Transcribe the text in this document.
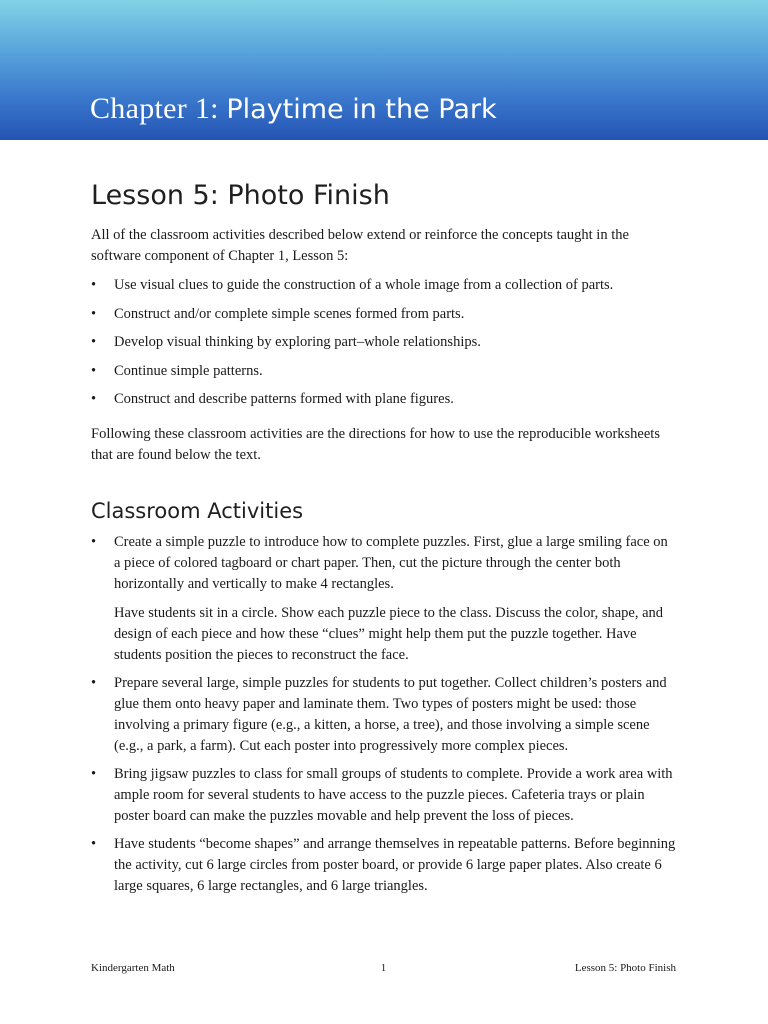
Chapter 1: Playtime in the Park
Lesson 5: Photo Finish

All of the classroom activities described below extend or reinforce the concepts taught in the software component of Chapter 1, Lesson 5:

• Use visual clues to guide the construction of a whole image from a collection of parts.
• Construct and/or complete simple scenes formed from parts.
• Develop visual thinking by exploring part–whole relationships.
• Continue simple patterns.
• Construct and describe patterns formed with plane figures.

Following these classroom activities are the directions for how to use the reproducible worksheets that are found below the text.

Classroom Activities

• Create a simple puzzle to introduce how to complete puzzles. First, glue a large smiling face on a piece of colored tagboard or chart paper. Then, cut the picture through the center both horizontally and vertically to make 4 rectangles.

Have students sit in a circle. Show each puzzle piece to the class. Discuss the color, shape, and design of each piece and how these “clues” might help them put the puzzle together. Have students position the pieces to reconstruct the face.

• Prepare several large, simple puzzles for students to put together. Collect children’s posters and glue them onto heavy paper and laminate them. Two types of posters might be used: those involving a primary figure (e.g., a kitten, a horse, a tree), and those involving a simple scene (e.g., a park, a farm). Cut each poster into progressively more complex pieces.

• Bring jigsaw puzzles to class for small groups of students to complete. Provide a work area with ample room for several students to have access to the puzzle pieces. Cafeteria trays or plain poster board can make the puzzles movable and help prevent the loss of pieces.

• Have students “become shapes” and arrange themselves in repeatable patterns. Before beginning the activity, cut 6 large circles from poster board, or provide 6 large paper plates. Also create 6 large squares, 6 large rectangles, and 6 large triangles.

Kindergarten Math	1	Lesson 5: Photo Finish
